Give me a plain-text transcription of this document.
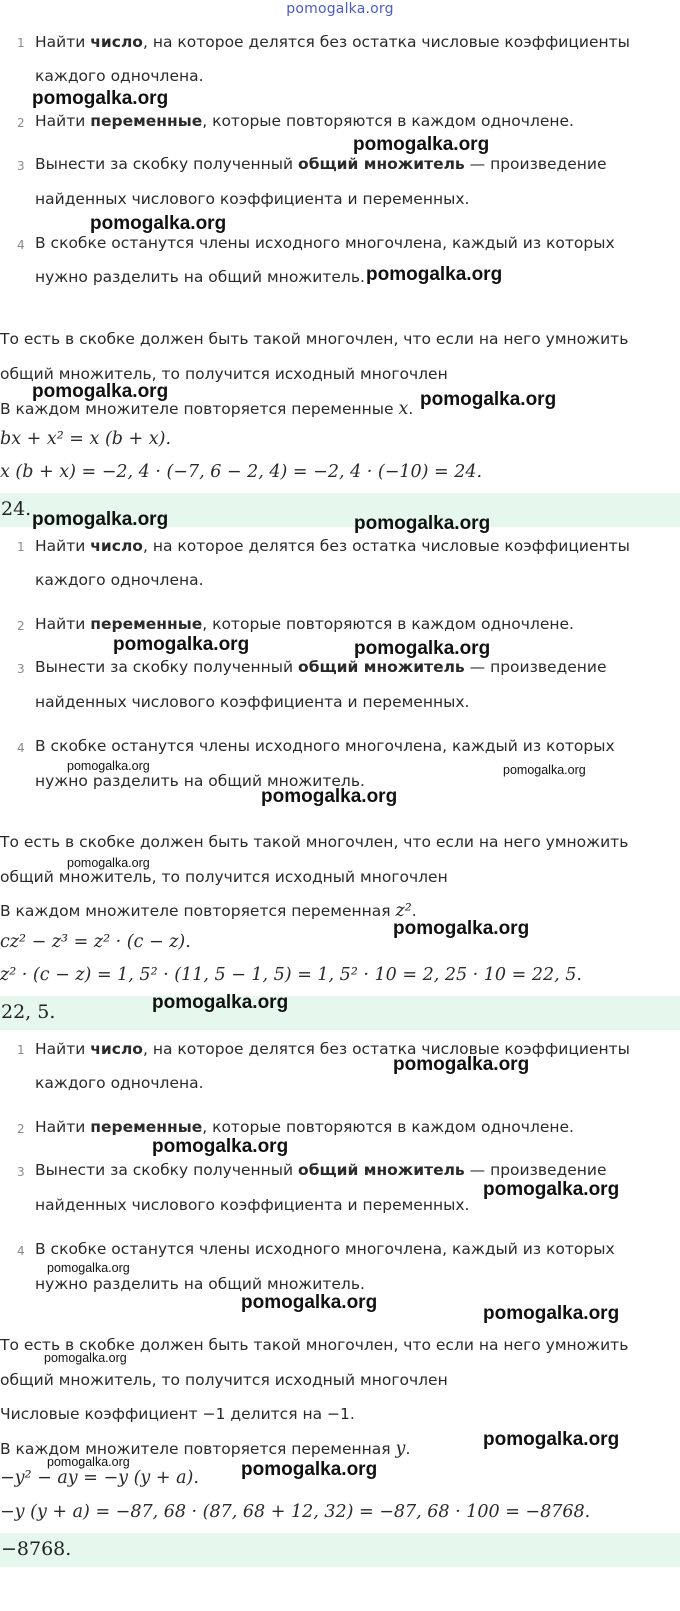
pomogalka.org
1 Найти число, на которое делятся без остатка числовые коэффициенты
каждого одночлена.
2 Найти переменные, которые повторяются в каждом одночлене.
3 Вынести за скобку полученный общий множитель — произведение
найденных числового коэффициента и переменных.
4 В скобке останутся члены исходного многочлена, каждый из которых
нужно разделить на общий множитель.
То есть в скобке должен быть такой многочлен, что если на него умножить
общий множитель, то получится исходный многочлен
В каждом множителе повторяется переменные x.
bx + x² = x (b + x).
x (b + x) = −2, 4 · (−7, 6 − 2, 4) = −2, 4 · (−10) = 24.
24.
1 Найти число, на которое делятся без остатка числовые коэффициенты
каждого одночлена.
2 Найти переменные, которые повторяются в каждом одночлене.
3 Вынести за скобку полученный общий множитель — произведение
найденных числового коэффициента и переменных.
4 В скобке останутся члены исходного многочлена, каждый из которых
нужно разделить на общий множитель.
То есть в скобке должен быть такой многочлен, что если на него умножить
общий множитель, то получится исходный многочлен
В каждом множителе повторяется переменная z².
cz² − z³ = z² · (c − z).
z² · (c − z) = 1, 5² · (11, 5 − 1, 5) = 1, 5² · 10 = 2, 25 · 10 = 22, 5.
22, 5.
1 Найти число, на которое делятся без остатка числовые коэффициенты
каждого одночлена.
2 Найти переменные, которые повторяются в каждом одночлене.
3 Вынести за скобку полученный общий множитель — произведение
найденных числового коэффициента и переменных.
4 В скобке останутся члены исходного многочлена, каждый из которых
нужно разделить на общий множитель.
То есть в скобке должен быть такой многочлен, что если на него умножить
общий множитель, то получится исходный многочлен
Числовые коэффициент −1 делится на −1.
В каждом множителе повторяется переменная y.
−y² − ay = −y (y + a).
−y (y + a) = −87, 68 · (87, 68 + 12, 32) = −87, 68 · 100 = −8768.
−8768.
pomogalka.org
pomogalka.org
pomogalka.org
pomogalka.org
pomogalka.org	pomogalka.org
pomogalka.org	pomogalka.org
pomogalka.org	pomogalka.org
pomogalka.org	pomogalka.org
pomogalka.org
pomogalka.org
pomogalka.org
pomogalka.org
pomogalka.org
pomogalka.org
pomogalka.org
pomogalka.org
pomogalka.org
pomogalka.org
pomogalka.org
pomogalka.org
pomogalka.org	pomogalka.org
